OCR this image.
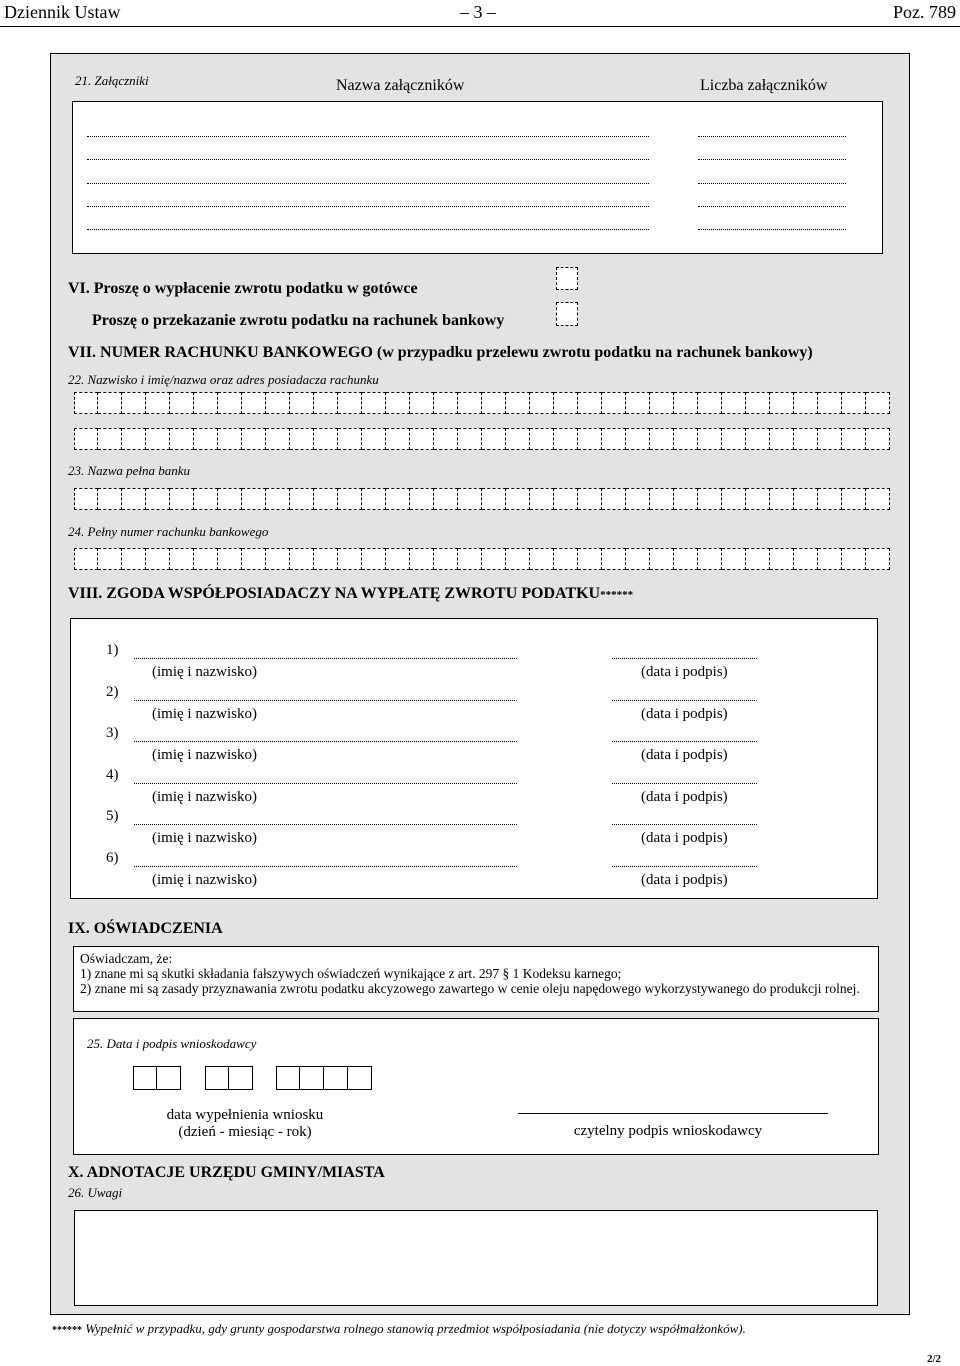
Dziennik Ustaw	– 3 –	Poz. 789
21. Załączniki	Nazwa załączników	Liczba załączników
VI. Proszę o wypłacenie zwrotu podatku w gotówce
Proszę o przekazanie zwrotu podatku na rachunek bankowy
VII. NUMER RACHUNKU BANKOWEGO (w przypadku przelewu zwrotu podatku na rachunek bankowy)
22. Nazwisko i imię/nazwa oraz adres posiadacza rachunku
23. Nazwa pełna banku
24. Pełny numer rachunku bankowego
VIII. ZGODA WSPÓŁPOSIADACZY NA WYPŁATĘ ZWROTU PODATKU******
1)
(imię i nazwisko)	(data i podpis)
2)
(imię i nazwisko)	(data i podpis)
3)
(imię i nazwisko)	(data i podpis)
4)
(imię i nazwisko)	(data i podpis)
5)
(imię i nazwisko)	(data i podpis)
6)
(imię i nazwisko)	(data i podpis)
IX. OŚWIADCZENIA
Oświadczam, że:
1) znane mi są skutki składania fałszywych oświadczeń wynikające z art. 297 § 1 Kodeksu karnego;
2) znane mi są zasady przyznawania zwrotu podatku akcyzowego zawartego w cenie oleju napędowego wykorzystywanego do produkcji rolnej.
25. Data i podpis wnioskodawcy
data wypełnienia wniosku
(dzień - miesiąc - rok)	czytelny podpis wnioskodawcy
X. ADNOTACJE URZĘDU GMINY/MIASTA
26. Uwagi
****** Wypełnić w przypadku, gdy grunty gospodarstwa rolnego stanowią przedmiot współposiadania (nie dotyczy współmałżonków).
2/2
